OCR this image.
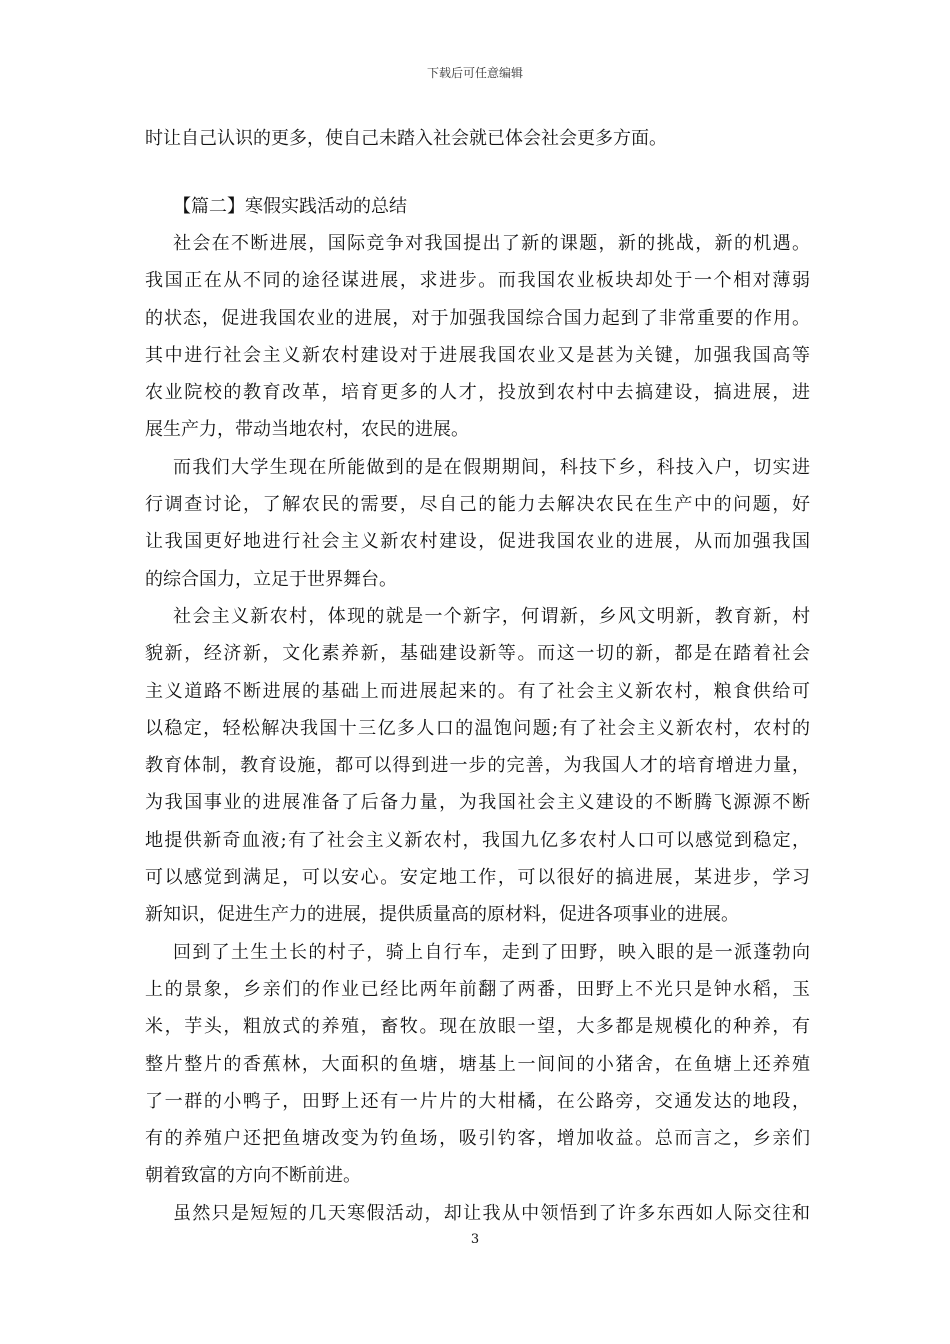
下载后可任意编辑
时让自己认识的更多，使自己未踏入社会就已体会社会更多方面。
【篇二】寒假实践活动的总结
社会在不断进展，国际竞争对我国提出了新的课题，新的挑战，新的机遇。
我国正在从不同的途径谋进展，求进步。而我国农业板块却处于一个相对薄弱
的状态，促进我国农业的进展，对于加强我国综合国力起到了非常重要的作用。
其中进行社会主义新农村建设对于进展我国农业又是甚为关键，加强我国高等
农业院校的教育改革，培育更多的人才，投放到农村中去搞建设，搞进展，进
展生产力，带动当地农村，农民的进展。
而我们大学生现在所能做到的是在假期期间，科技下乡，科技入户，切实进
行调查讨论，了解农民的需要，尽自己的能力去解决农民在生产中的问题，好
让我国更好地进行社会主义新农村建设，促进我国农业的进展，从而加强我国
的综合国力，立足于世界舞台。
社会主义新农村，体现的就是一个新字，何谓新，乡风文明新，教育新，村
貌新，经济新，文化素养新，基础建设新等。而这一切的新，都是在踏着社会
主义道路不断进展的基础上而进展起来的。有了社会主义新农村，粮食供给可
以稳定，轻松解决我国十三亿多人口的温饱问题;有了社会主义新农村，农村的
教育体制，教育设施，都可以得到进一步的完善，为我国人才的培育增进力量，
为我国事业的进展准备了后备力量，为我国社会主义建设的不断腾飞源源不断
地提供新奇血液;有了社会主义新农村，我国九亿多农村人口可以感觉到稳定，
可以感觉到满足，可以安心。安定地工作，可以很好的搞进展，某进步，学习
新知识，促进生产力的进展，提供质量高的原材料，促进各项事业的进展。
回到了土生土长的村子，骑上自行车，走到了田野，映入眼的是一派蓬勃向
上的景象，乡亲们的作业已经比两年前翻了两番，田野上不光只是钟水稻，玉
米，芋头，粗放式的养殖，畜牧。现在放眼一望，大多都是规模化的种养，有
整片整片的香蕉林，大面积的鱼塘，塘基上一间间的小猪舍，在鱼塘上还养殖
了一群的小鸭子，田野上还有一片片的大柑橘，在公路旁，交通发达的地段，
有的养殖户还把鱼塘改变为钓鱼场，吸引钓客，增加收益。总而言之，乡亲们
朝着致富的方向不断前进。
虽然只是短短的几天寒假活动，却让我从中领悟到了许多东西如人际交往和
3
